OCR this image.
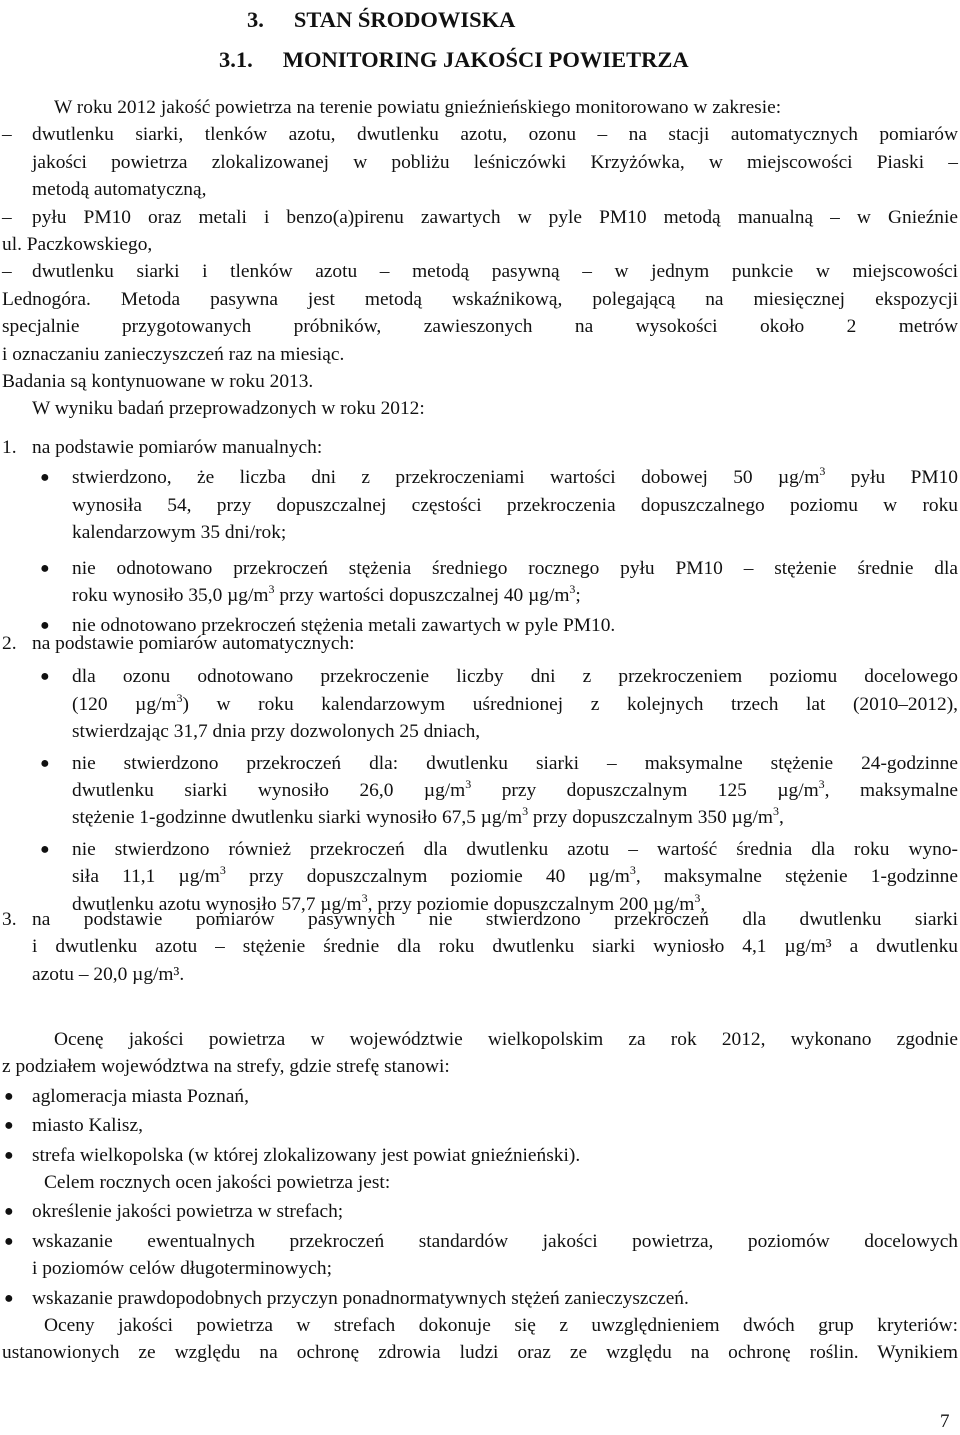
3. STAN ŚRODOWISKA
3.1. MONITORING JAKOŚCI POWIETRZA
W roku 2012 jakość powietrza na terenie powiatu gnieźnieńskiego monitorowano w zakresie:
– dwutlenku siarki, tlenków azotu, dwutlenku azotu, ozonu – na stacji automatycznych pomiarów
jakości powietrza zlokalizowanej w pobliżu leśniczówki Krzyżówka, w miejscowości Piaski –
metodą automatyczną,
– pyłu PM10 oraz metali i benzo(a)pirenu zawartych w pyle PM10 metodą manualną – w Gnieźnie
ul. Paczkowskiego,
– dwutlenku siarki i tlenków azotu – metodą pasywną – w jednym punkcie w miejscowości
Lednogóra. Metoda pasywna jest metodą wskaźnikową, polegającą na miesięcznej ekspozycji
specjalnie przygotowanych próbników, zawieszonych na wysokości około 2 metrów
i oznaczaniu zanieczyszczeń raz na miesiąc.
Badania są kontynuowane w roku 2013.
W wyniku badań przeprowadzonych w roku 2012:
1. na podstawie pomiarów manualnych:
● stwierdzono, że liczba dni z przekroczeniami wartości dobowej 50 $\mu g/m^3$ pyłu PM10
wynosiła 54, przy dopuszczalnej częstości przekroczenia dopuszczalnego poziomu w roku
kalendarzowym 35 dni/rok;
● nie odnotowano przekroczeń stężenia średniego rocznego pyłu PM10 – stężenie średnie dla
roku wynosiło 35,0 $\mu g/m^3$ przy wartości dopuszczalnej 40 $\mu g/m^3$;
●	nie odnotowano przekroczeń stężenia metali zawartych w pyle PM10.
2. na podstawie pomiarów automatycznych:
● dla ozonu odnotowano przekroczenie liczby dni z przekroczeniem poziomu docelowego
(120 $\mu g/m^3$) w roku kalendarzowym uśrednionej z kolejnych trzech lat (2010–2012),
stwierdzając 31,7 dnia przy dozwolonych 25 dniach,
● nie stwierdzono przekroczeń dla: dwutlenku siarki – maksymalne stężenie 24-godzinne
dwutlenku siarki wynosiło 26,0 $\mu g/m^3$ przy dopuszczalnym 125 $\mu g/m^3$, maksymalne
stężenie 1-godzinne dwutlenku siarki wynosiło 67,5 $\mu g/m^3$ przy dopuszczalnym 350 $\mu g/m^3$,
● nie stwierdzono również przekroczeń dla dwutlenku azotu – wartość średnia dla roku wyno-
siła 11,1 $\mu g/m^3$ przy dopuszczalnym poziomie 40 $\mu g/m^3$, maksymalne stężenie 1-godzinne
dwutlenku azotu wynosiło 57,7 $\mu g/m^3$, przy poziomie dopuszczalnym 200 $\mu g/m^3$,
3. na podstawie pomiarów pasywnych nie stwierdzono przekroczeń dla dwutlenku siarki
i dwutlenku azotu – stężenie średnie dla roku dwutlenku siarki wyniosło 4,1 µg/m³ a dwutlenku
azotu – 20,0 µg/m³.
Ocenę jakości powietrza w województwie wielkopolskim za rok 2012, wykonano zgodnie
z podziałem województwa na strefy, gdzie strefę stanowi:
● aglomeracja miasta Poznań,
● miasto Kalisz,
● strefa wielkopolska (w której zlokalizowany jest powiat gnieźnieński).
Celem rocznych ocen jakości powietrza jest:
● określenie jakości powietrza w strefach;
● wskazanie ewentualnych przekroczeń standardów jakości powietrza, poziomów docelowych
i poziomów celów długoterminowych;
● wskazanie prawdopodobnych przyczyn ponadnormatywnych stężeń zanieczyszczeń.
Oceny jakości powietrza w strefach dokonuje się z uwzględnieniem dwóch grup kryteriów:
ustanowionych ze względu na ochronę zdrowia ludzi oraz ze względu na ochronę roślin. Wynikiem
7
